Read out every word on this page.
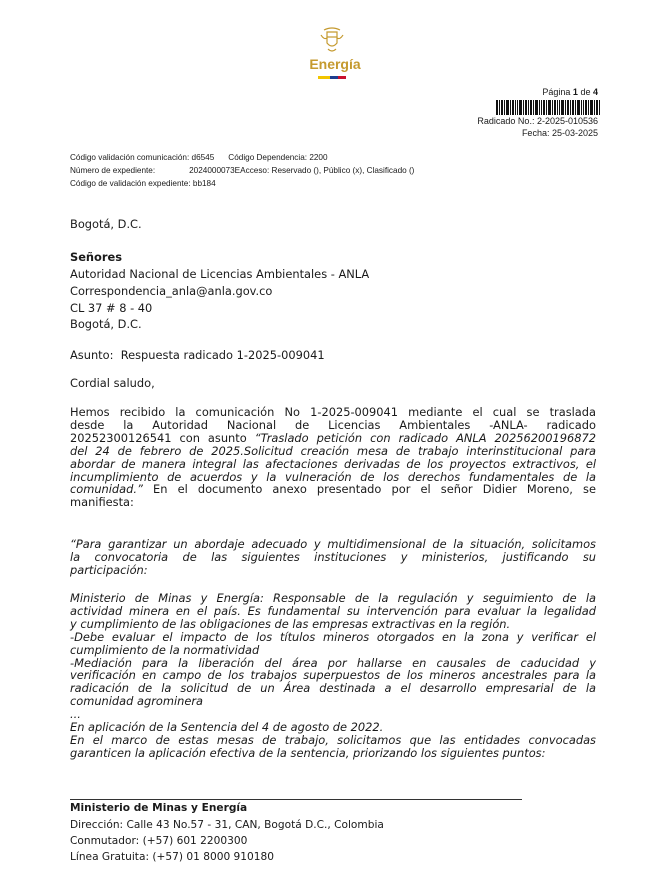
Energía
Página 1 de 4
Radicado No.: 2-2025-010536
Fecha: 25-03-2025
Código validación comunicación: d6545 Código Dependencia: 2200
Número de expediente:	2024000073EAcceso: Reservado (), Público (x), Clasificado ()
Código de validación expediente: bb184
Bogotá, D.C.
Señores
Autoridad Nacional de Licencias Ambientales - ANLA
Correspondencia_anla@anla.gov.co
CL 37 # 8 - 40
Bogotá, D.C.
Asunto: Respuesta radicado 1-2025-009041
Cordial saludo,
Hemos recibido la comunicación No 1-2025-009041 mediante el cual se traslada
desde la Autoridad Nacional de Licencias Ambientales -ANLA- radicado
20252300126541 con asunto “Traslado petición con radicado ANLA 20256200196872
del 24 de febrero de 2025.Solicitud creación mesa de trabajo interinstitucional para
abordar de manera integral las afectaciones derivadas de los proyectos extractivos, el
incumplimiento de acuerdos y la vulneración de los derechos fundamentales de la
comunidad.” En el documento anexo presentado por el señor Didier Moreno, se
manifiesta:
“Para garantizar un abordaje adecuado y multidimensional de la situación, solicitamos
la convocatoria de las siguientes instituciones y ministerios, justificando su
participación:
Ministerio de Minas y Energía: Responsable de la regulación y seguimiento de la
actividad minera en el país. Es fundamental su intervención para evaluar la legalidad
y cumplimiento de las obligaciones de las empresas extractivas en la región.
-Debe evaluar el impacto de los títulos mineros otorgados en la zona y verificar el
cumplimiento de la normatividad
-Mediación para la liberación del área por hallarse en causales de caducidad y
verificación en campo de los trabajos superpuestos de los mineros ancestrales para la
radicación de la solicitud de un Área destinada a el desarrollo empresarial de la
comunidad agrominera
...
En aplicación de la Sentencia del 4 de agosto de 2022.
En el marco de estas mesas de trabajo, solicitamos que las entidades convocadas
garanticen la aplicación efectiva de la sentencia, priorizando los siguientes puntos:
Ministerio de Minas y Energía
Dirección: Calle 43 No.57 - 31, CAN, Bogotá D.C., Colombia
Conmutador: (+57) 601 2200300
Línea Gratuita: (+57) 01 8000 910180
